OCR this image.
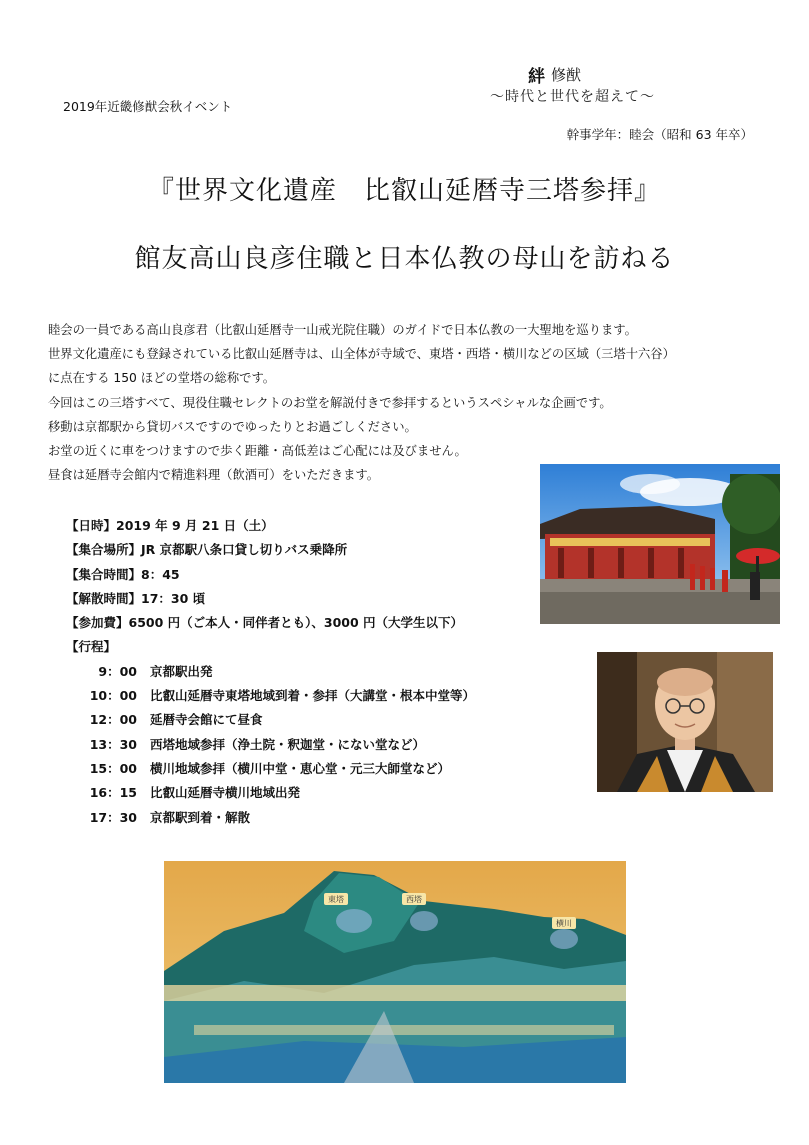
2019年近畿修猷会秋イベント
絆 修猷
～時代と世代を超えて～
幹事学年：睦会（昭和 63 年卒）
『世界文化遺産　比叡山延暦寺三塔参拝』
館友高山良彦住職と日本仏教の母山を訪ねる

睦会の一員である高山良彦君（比叡山延暦寺一山戒光院住職）のガイドで日本仏教の一大聖地を巡ります。

世界文化遺産にも登録されている比叡山延暦寺は、山全体が寺域で、東塔・西塔・横川などの区域（三塔十六谷）

に点在する 150 ほどの堂塔の総称です。

今回はこの三塔すべて、現役住職セレクトのお堂を解説付きで参拝するというスペシャルな企画です。

移動は京都駅から貸切バスですのでゆったりとお過ごしください。

お堂の近くに車をつけますので歩く距離・高低差はご心配には及びません。

昼食は延暦寺会館内で精進料理（飲酒可）をいただきます。

【日時】2019 年 9 月 21 日（土）
【集合場所】JR 京都駅八条口貸し切りバス乗降所
【集合時間】8：45
【解散時間】17：30 頃
【参加費】6500 円（ご本人・同伴者とも）、3000 円（大学生以下）
【行程】
9：00	京都駅出発
10：00	比叡山延暦寺東塔地域到着・参拝（大講堂・根本中堂等）
12：00	延暦寺会館にて昼食
13：30	西塔地域参拝（浄土院・釈迦堂・にない堂など）
15：00	横川地域参拝（横川中堂・恵心堂・元三大師堂など）
16：15	比叡山延暦寺横川地域出発
17：30	京都駅到着・解散
東塔	西塔
横川
